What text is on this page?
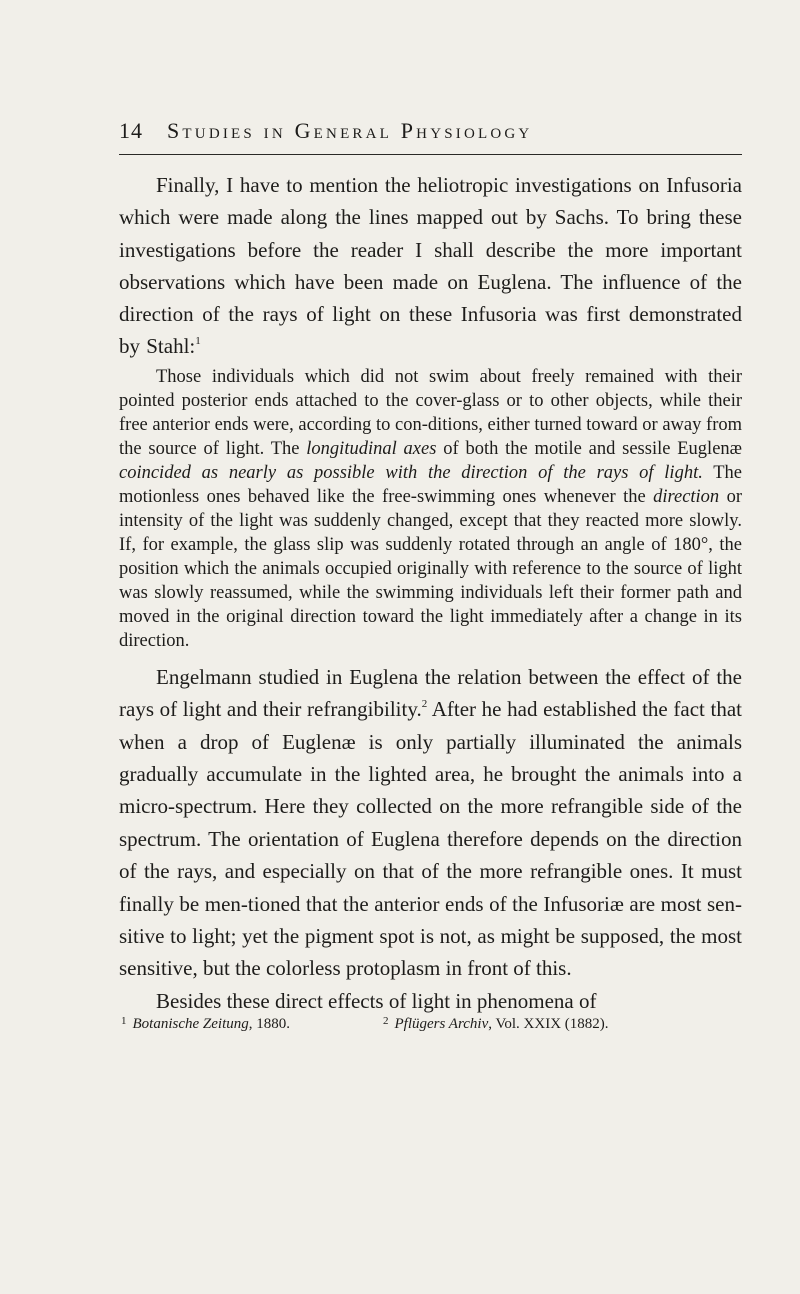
14 Studies in General Physiology

Finally, I have to mention the heliotropic investigations on Infusoria which were made along the lines mapped out by Sachs. To bring these investigations before the reader I shall describe the more important observations which have been made on Euglena. The influence of the direction of the rays of light on these Infusoria was first demonstrated by Stahl:$^1$

Those individuals which did not swim about freely remained with their pointed posterior ends attached to the cover-glass or to other objects, while their free anterior ends were, according to con-ditions, either turned toward or away from the source of light. The longitudinal axes of both the motile and sessile Euglenæ coincided as nearly as possible with the direction of the rays of light. The motionless ones behaved like the free-swimming ones whenever the direction or intensity of the light was suddenly changed, except that they reacted more slowly. If, for example, the glass slip was suddenly rotated through an angle of 180°, the position which the animals occupied originally with reference to the source of light was slowly reassumed, while the swimming individuals left their former path and moved in the original direction toward the light immediately after a change in its direction.

Engelmann studied in Euglena the relation between the effect of the rays of light and their refrangibility.$^2$ After he had established the fact that when a drop of Euglenæ is only partially illuminated the animals gradually accumulate in the lighted area, he brought the animals into a micro-spectrum. Here they collected on the more refrangible side of the spectrum. The orientation of Euglena therefore depends on the direction of the rays, and especially on that of the more refrangible ones. It must finally be men-tioned that the anterior ends of the Infusoriæ are most sen-sitive to light; yet the pigment spot is not, as might be supposed, the most sensitive, but the colorless protoplasm in front of this.

Besides these direct effects of light in phenomena of

$^1$ Botanische Zeitung, 1880.	$^2$ Pflügers Archiv, Vol. XXIX (1882).
